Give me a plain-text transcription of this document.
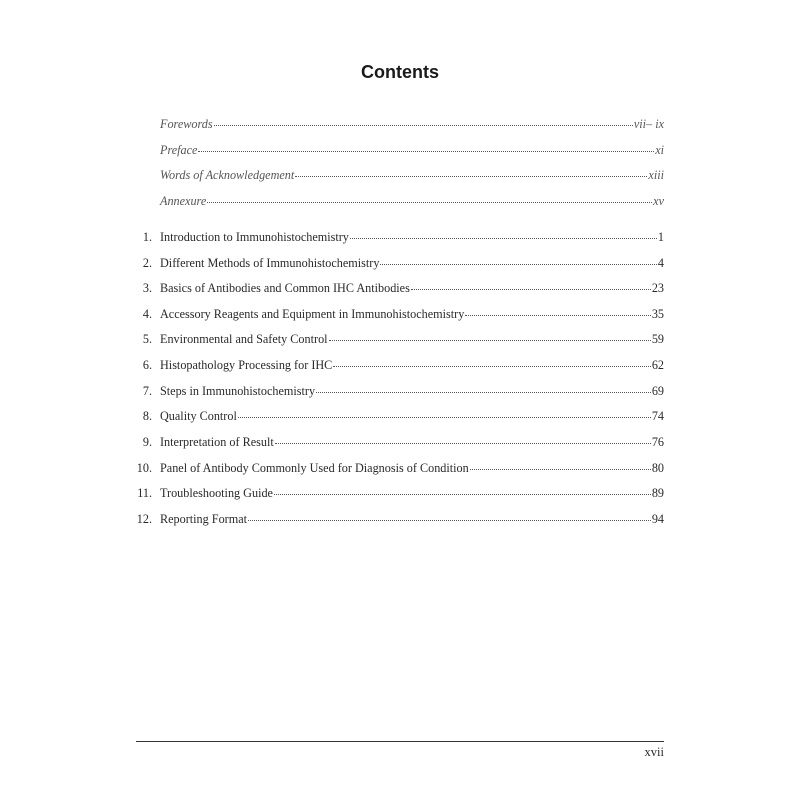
Contents
Forewords	vii– ix
Preface	xi
Words of Acknowledgement	xiii
Annexure	xv
1. Introduction to Immunohistochemistry	1
2. Different Methods of Immunohistochemistry	4
3. Basics of Antibodies and Common IHC Antibodies	23
4. Accessory Reagents and Equipment in Immunohistochemistry	35
5. Environmental and Safety Control	59
6. Histopathology Processing for IHC	62
7. Steps in Immunohistochemistry	69
8. Quality Control	74
9. Interpretation of Result	76
10. Panel of Antibody Commonly Used for Diagnosis of Condition	80
11. Troubleshooting Guide	89
12. Reporting Format	94
xvii
